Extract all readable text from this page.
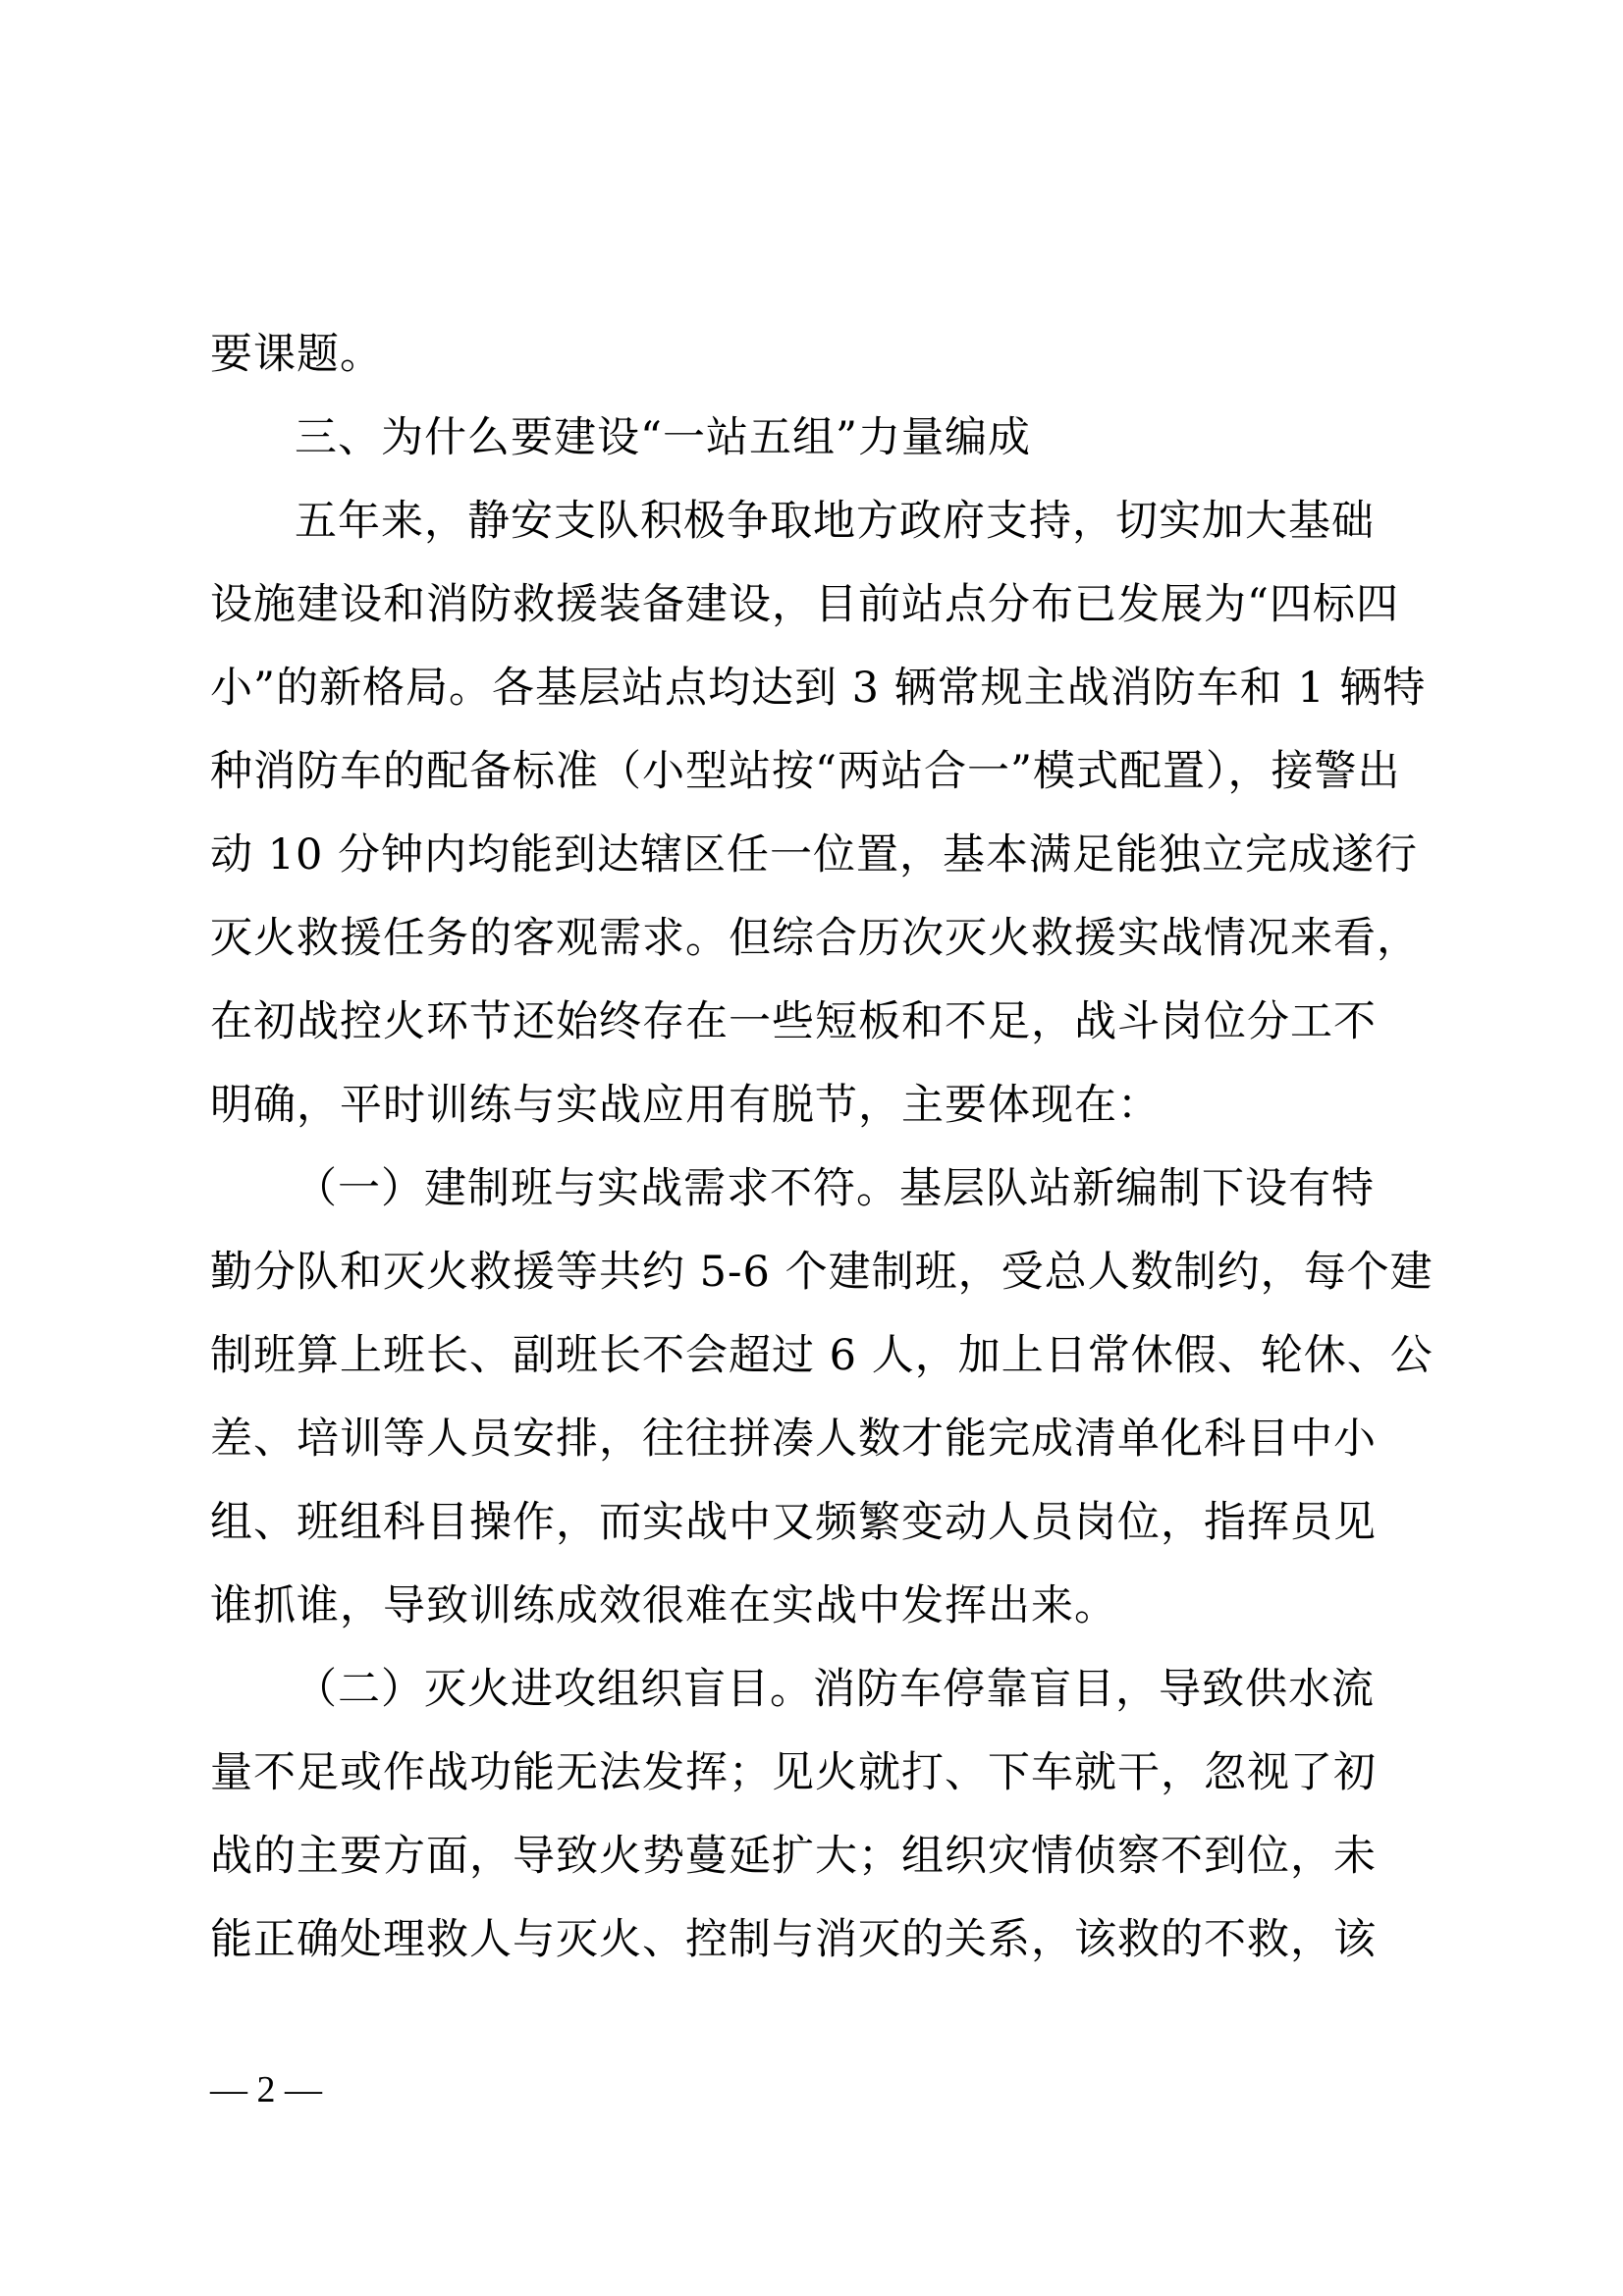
要课题。
三、为什么要建设“一站五组”力量编成
五年来，静安支队积极争取地方政府支持，切实加大基础
设施建设和消防救援装备建设，目前站点分布已发展为“四标四
小”的新格局。各基层站点均达到 3 辆常规主战消防车和 1 辆特
种消防车的配备标准（小型站按“两站合一”模式配置），接警出
动 10 分钟内均能到达辖区任一位置，基本满足能独立完成遂行
灭火救援任务的客观需求。但综合历次灭火救援实战情况来看，
在初战控火环节还始终存在一些短板和不足，战斗岗位分工不
明确，平时训练与实战应用有脱节，主要体现在：
（一）建制班与实战需求不符。基层队站新编制下设有特
勤分队和灭火救援等共约 5-6 个建制班，受总人数制约，每个建
制班算上班长、副班长不会超过 6 人，加上日常休假、轮休、公
差、培训等人员安排，往往拼凑人数才能完成清单化科目中小
组、班组科目操作，而实战中又频繁变动人员岗位，指挥员见
谁抓谁，导致训练成效很难在实战中发挥出来。
（二）灭火进攻组织盲目。消防车停靠盲目，导致供水流
量不足或作战功能无法发挥；见火就打、下车就干，忽视了初
战的主要方面，导致火势蔓延扩大；组织灾情侦察不到位，未
能正确处理救人与灭火、控制与消灭的关系，该救的不救，该
— 2 —
